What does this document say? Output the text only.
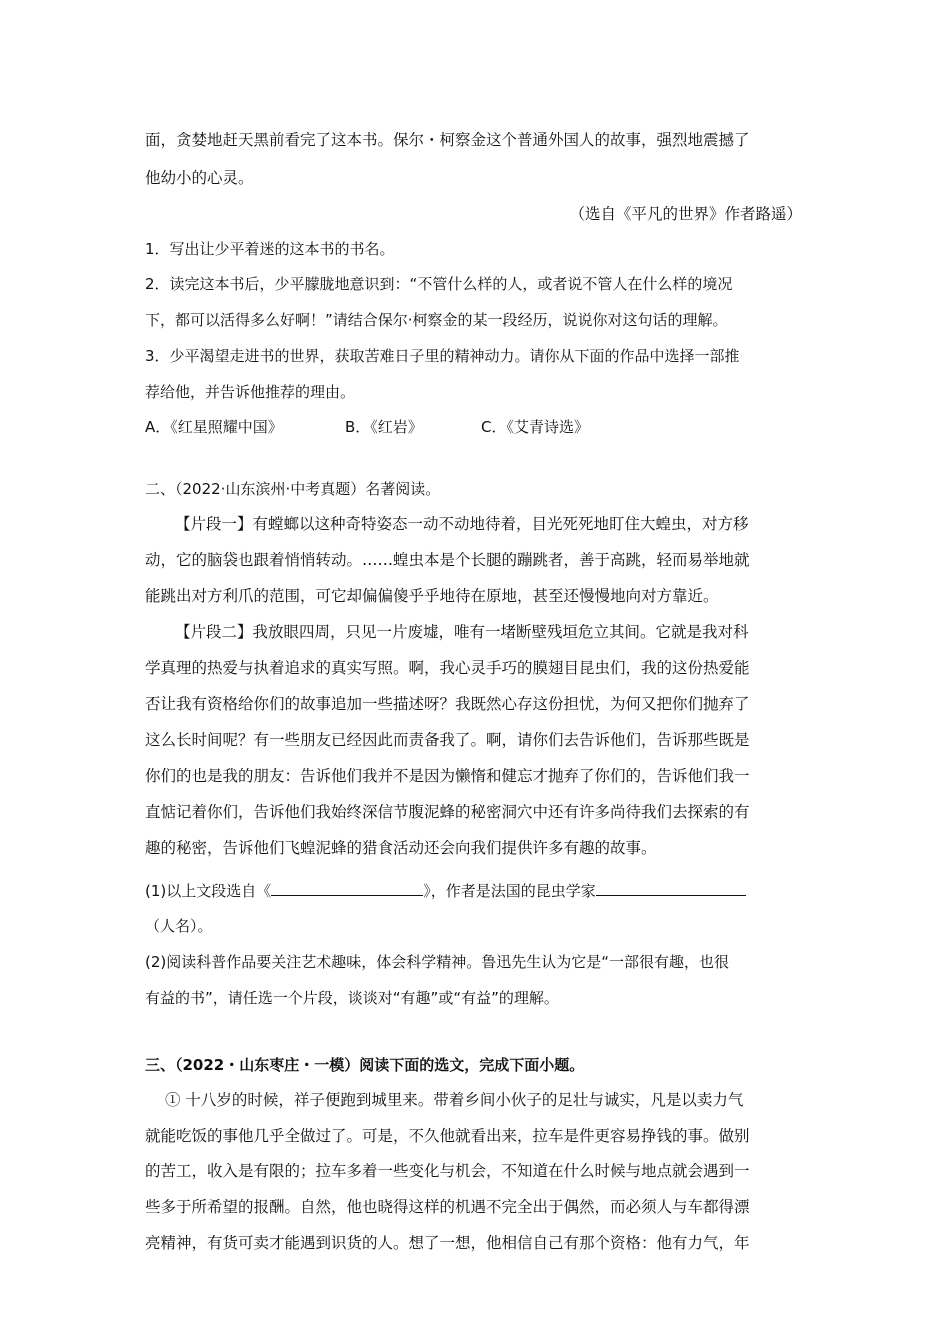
面，贪婪地赶天黑前看完了这本书。保尔・柯察金这个普通外国人的故事，强烈地震撼了
他幼小的心灵。
（选自《平凡的世界》作者路遥）
1．写出让少平着迷的这本书的书名。
2．读完这本书后，少平朦胧地意识到：“不管什么样的人，或者说不管人在什么样的境况
下，都可以活得多么好啊！”请结合保尔·柯察金的某一段经历，说说你对这句话的理解。
3．少平渴望走进书的世界，获取苦难日子里的精神动力。请你从下面的作品中选择一部推
荐给他，并告诉他推荐的理由。
A．《红星照耀中国》	B．《红岩》	C．《艾青诗选》
二、（2022·山东滨州·中考真题）名著阅读。
【片段一】有螳螂以这种奇特姿态一动不动地待着，目光死死地盯住大蝗虫，对方移
动，它的脑袋也跟着悄悄转动。……蝗虫本是个长腿的蹦跳者，善于高跳，轻而易举地就
能跳出对方利爪的范围，可它却偏偏傻乎乎地待在原地，甚至还慢慢地向对方靠近。
【片段二】我放眼四周，只见一片废墟，唯有一堵断壁残垣危立其间。它就是我对科
学真理的热爱与执着追求的真实写照。啊，我心灵手巧的膜翅目昆虫们，我的这份热爱能
否让我有资格给你们的故事追加一些描述呀？我既然心存这份担忧，为何又把你们抛弃了
这么长时间呢？有一些朋友已经因此而责备我了。啊，请你们去告诉他们，告诉那些既是
你们的也是我的朋友：告诉他们我并不是因为懒惰和健忘才抛弃了你们的，告诉他们我一
直惦记着你们，告诉他们我始终深信节腹泥蜂的秘密洞穴中还有许多尚待我们去探索的有
趣的秘密，告诉他们飞蝗泥蜂的猎食活动还会向我们提供许多有趣的故事。
(1)以上文段选自《	》，作者是法国的昆虫学家
（人名）。
(2)阅读科普作品要关注艺术趣味，体会科学精神。鲁迅先生认为它是“一部很有趣，也很
有益的书”，请任选一个片段，谈谈对“有趣”或“有益”的理解。
三、（2022・山东枣庄・一模）阅读下面的选文，完成下面小题。
① 十八岁的时候，祥子便跑到城里来。带着乡间小伙子的足壮与诚实，凡是以卖力气
就能吃饭的事他几乎全做过了。可是，不久他就看出来，拉车是件更容易挣钱的事。做别
的苦工，收入是有限的；拉车多着一些变化与机会，不知道在什么时候与地点就会遇到一
些多于所希望的报酬。自然，他也晓得这样的机遇不完全出于偶然，而必须人与车都得漂
亮精神，有货可卖才能遇到识货的人。想了一想，他相信自己有那个资格：他有力气，年
